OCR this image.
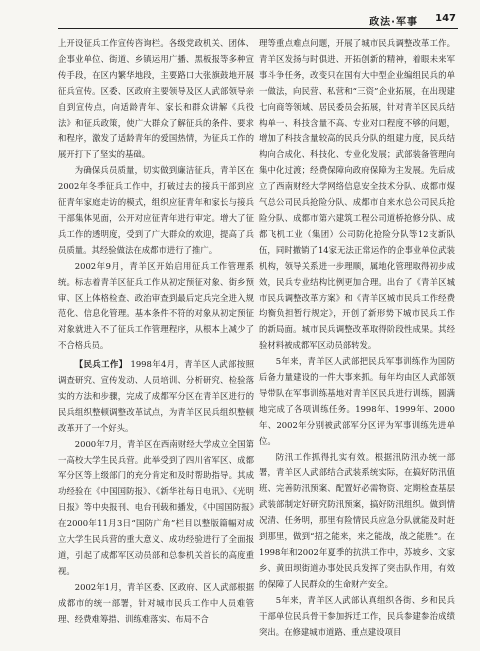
政法·军事 147

上开设征兵工作宣传咨询栏。各级党政机关、团体、企事业单位、街道、乡镇运用广播、黑板报等多种宣传手段，在区内繁华地段，主要路口大张旗鼓地开展征兵宣传。区委、区政府主要领导及区人武部领导亲自到宣传点，向适龄青年、家长和群众讲解《兵役法》和征兵政策，使广大群众了解征兵的条件、要求和程序，激发了适龄青年的爱国热情，为征兵工作的展开打下了坚实的基础。

为确保兵员质量，切实做到廉洁征兵，青羊区在2002年冬季征兵工作中，打破过去的接兵干部到应征青年家庭走访的模式，组织应征青年和家长与接兵干部集体见面，公开对应征青年进行审定。增大了征兵工作的透明度，受到了广大群众的欢迎，提高了兵员质量。其经验做法在成都市进行了推广。

2002年9月，青羊区开始启用征兵工作管理系统。标志着青羊区征兵工作从初定预征对象、街乡预审、区上体格检查、政治审查到最后定兵完全进入规范化、信息化管理。基本条件不符的对象从初定预征对象就进入不了征兵工作管理程序，从根本上减少了不合格兵员。

【民兵工作】 1998年4月，青羊区人武部按照调查研究、宣传发动、人员培训、分析研究、检验落实的方法和步骤，完成了成都军分区在青羊区进行的民兵组织整顿调整改革试点，为青羊区民兵组织整顿改革开了一个好头。

2000年7月，青羊区在西南财经大学成立全国第一高校大学生民兵营。此举受到了四川省军区、成都军分区等上级部门的充分肯定和及时帮助指导。其成功经验在《中国国防报》、《新华社每日电讯》、《光明日报》等中央报刊、电台刊载和播发，《中国国防报》在2000年11月3日“国防广角”栏目以整版篇幅对成立大学生民兵营的重大意义、成功经验进行了全面报道，引起了成都军区动员部和总参机关首长的高度重视。

2002年1月，青羊区委、区政府、区人武部根据成都市的统一部署，针对城市民兵工作中人员难管理、经费难筹措、训练难落实、布局不合

理等重点难点问题，开展了城市民兵调整改革工作。青羊区发扬与时俱进、开拓创新的精神，着眼未来军事斗争任务，改变只在国有大中型企业编组民兵的单一做法，向民营、私营和“三资”企业拓展，在出现建七向商等领域、居民委员会拓展，针对青羊区民兵结构单一、科技含量不高、专业对口程度不够的问题，增加了科技含量较高的民兵分队的组建力度，民兵结构向合成化、科技化、专业化发展；武部装备管理向集中化过渡；经费保障向政府保障为主发展。先后成立了西南财经大学网络信息安全技术分队、成都市煤气总公司民兵抢险分队、成都市自来水总公司民兵抢险分队、成都市第六建筑工程公司道桥抢修分队、成都飞机工业（集团）公司防化抢险分队等12支新队伍，同时撤销了14家无法正常运作的企事业单位武装机构，领导关系进一步理顺，属地化管理取得初步成效，民兵专业结构比例更加合理。出台了《青羊区城市民兵调整改革方案》和《青羊区城市民兵工作经费均衡负担暂行规定》，开创了新形势下城市民兵工作的新局面。城市民兵调整改革取得阶段性成果。其经验材料被成都军区动员部转发。

5年来，青羊区人武部把民兵军事训练作为国防后备力量建设的一件大事来抓。每年均由区人武部领导带队在军事训练基地对青羊区民兵进行训练，圆满地完成了各项训练任务。1998年、1999年、2000年、2002年分别被武部军分区评为军事训练先进单位。

防汛工作抓得扎实有效。根据汛防汛办统一部署，青羊区人武部结合武装系统实际，在搞好防汛值班、完善防汛预案、配置好必需物资、定期检查基层武装部制定好研究防汛预案，搞好防汛组织。做到情况清、任务明，那里有险情民兵应急分队就能及时赶到那里，做到“招之能来，来之能战，战之能胜”。在1998年和2002年夏季的抗洪工作中，苏坡乡、文家乡、黄田坝街道办事处民兵发挥了突击队作用，有效的保障了人民群众的生命财产安全。

5年来，青羊区人武部认真组织各街、乡和民兵干部单位民兵骨干参加拆迁工作，民兵参建参治成绩突出。在修建城市道路、重点建设项目
